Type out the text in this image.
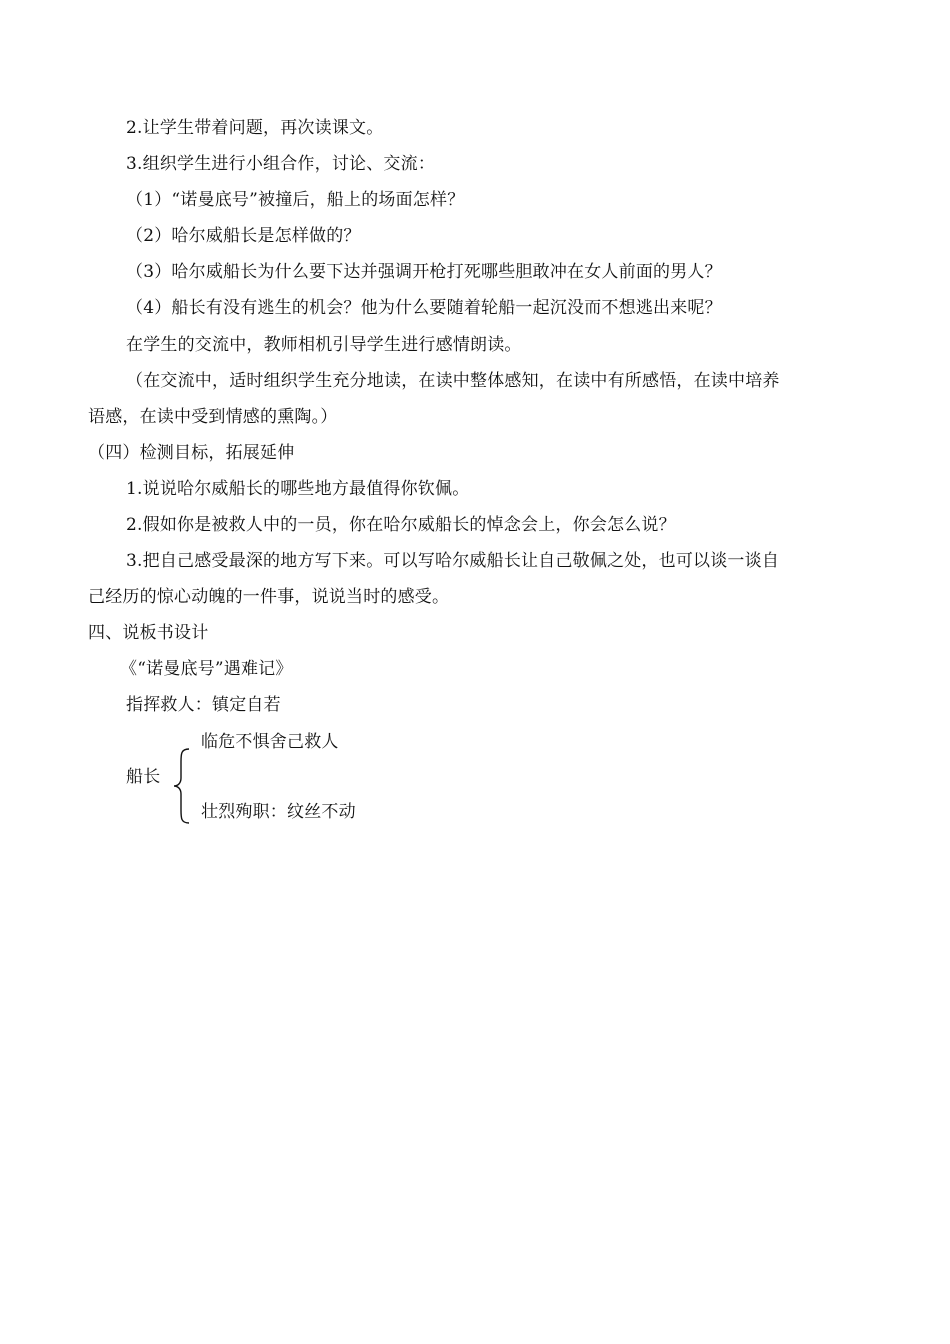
2.让学生带着问题，再次读课文。
3.组织学生进行小组合作，讨论、交流：
（1）“诺曼底号”被撞后，船上的场面怎样？
（2）哈尔威船长是怎样做的？
（3）哈尔威船长为什么要下达并强调开枪打死哪些胆敢冲在女人前面的男人？
（4）船长有没有逃生的机会？他为什么要随着轮船一起沉没而不想逃出来呢？
在学生的交流中，教师相机引导学生进行感情朗读。
（在交流中，适时组织学生充分地读，在读中整体感知，在读中有所感悟，在读中培养
语感，在读中受到情感的熏陶。）
（四）检测目标，拓展延伸
1.说说哈尔威船长的哪些地方最值得你钦佩。
2.假如你是被救人中的一员，你在哈尔威船长的悼念会上，你会怎么说？
3.把自己感受最深的地方写下来。可以写哈尔威船长让自己敬佩之处，也可以谈一谈自
己经历的惊心动魄的一件事，说说当时的感受。
四、说板书设计
《“诺曼底号”遇难记》
指挥救人：镇定自若
临危不惧舍己救人
船长
壮烈殉职：纹丝不动
